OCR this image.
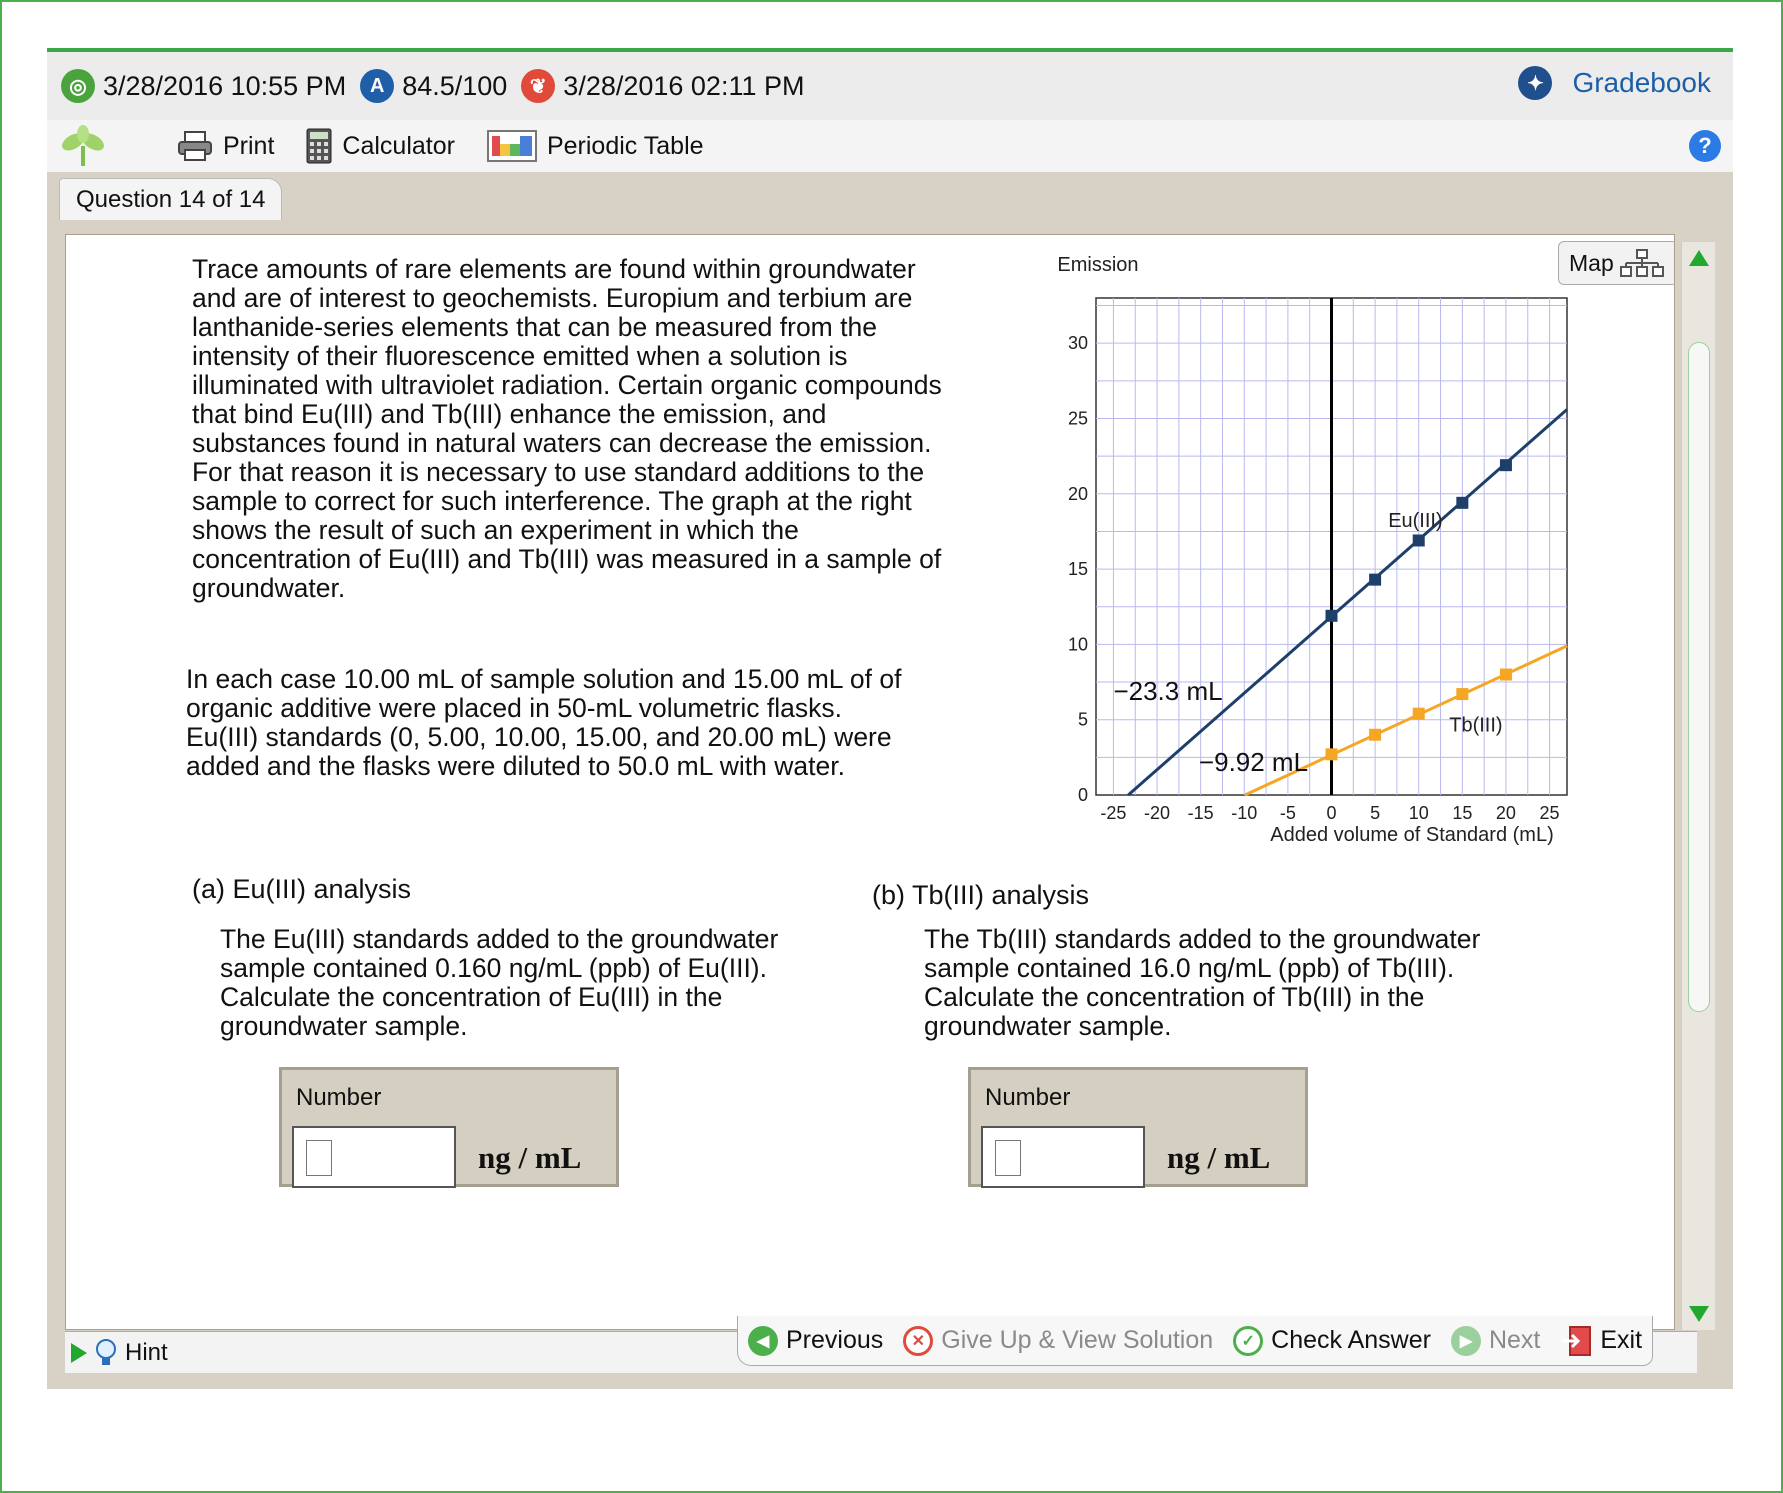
◎ 3/28/2016 10:55 PM	A 84.5/100	❦ 3/28/2016 02:11 PM	✦	Gradebook
Print	Calculator	Periodic Table	?
Question 14 of 14
Trace amounts of rare elements are found within groundwater and are of interest to geochemists. Europium and terbium are lanthanide-series elements that can be measured from the intensity of their fluorescence emitted when a solution is illuminated with ultraviolet radiation. Certain organic compounds that bind Eu(III) and Tb(III) enhance the emission, and substances found in natural waters can decrease the emission. For that reason it is necessary to use standard additions to the sample to correct for such interference. The graph at the right shows the result of such an experiment in which the concentration of Eu(III) and Tb(III) was measured in a sample of groundwater.
In each case 10.00 mL of sample solution and 15.00 mL of of organic additive were placed in 50-mL volumetric flasks. Eu(III) standards (0, 5.00, 10.00, 15.00, and 20.00 mL) were added and the flasks were diluted to 50.0 mL with water.
-25 -20 -15 -10 -5 0 5 10 15 20 25
0
5
10
15
20
25
30
Emission
Added volume of Standard (mL)
Eu(III)
Tb(III)
−23.3 mL
−9.92 mL
Map
(a) Eu(III) analysis
The Eu(III) standards added to the groundwater sample contained 0.160 ng/mL (ppb) of Eu(III). Calculate the concentration of Eu(III) in the groundwater sample.
(b) Tb(III) analysis
The Tb(III) standards added to the groundwater sample contained 16.0 ng/mL (ppb) of Tb(III). Calculate the concentration of Tb(III) in the groundwater sample.
Number
ng / mL
Number
ng / mL
Hint	◀ Previous	✕ Give Up & View Solution	✓ Check Answer	▶ Next Exit
